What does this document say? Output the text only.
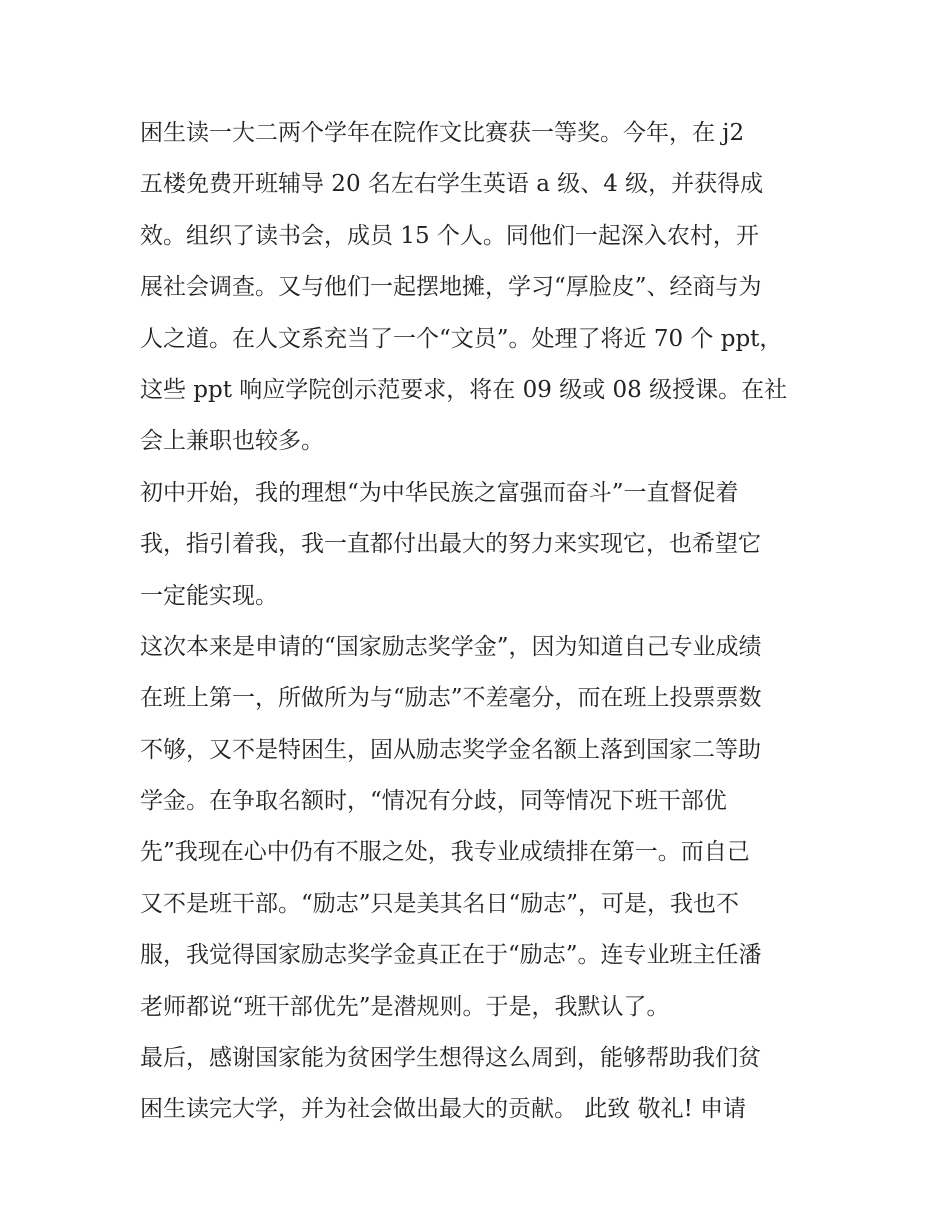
困生读一大二两个学年在院作文比赛获一等奖。今年，在 j2
五楼免费开班辅导 20 名左右学生英语 a 级、4 级，并获得成
效。组织了读书会，成员 15 个人。同他们一起深入农村，开
展社会调查。又与他们一起摆地摊，学习“厚脸皮”、经商与为
人之道。在人文系充当了一个“文员”。处理了将近 70 个 ppt，
这些 ppt 响应学院创示范要求，将在 09 级或 08 级授课。在社
会上兼职也较多。
初中开始，我的理想“为中华民族之富强而奋斗”一直督促着
我，指引着我，我一直都付出最大的努力来实现它，也希望它
一定能实现。
这次本来是申请的“国家励志奖学金”，因为知道自己专业成绩
在班上第一，所做所为与“励志”不差毫分，而在班上投票票数
不够，又不是特困生，固从励志奖学金名额上落到国家二等助
学金。在争取名额时，“情况有分歧，同等情况下班干部优
先”我现在心中仍有不服之处，我专业成绩排在第一。而自己
又不是班干部。“励志”只是美其名日“励志”，可是，我也不
服，我觉得国家励志奖学金真正在于“励志”。连专业班主任潘
老师都说“班干部优先”是潜规则。于是，我默认了。
最后，感谢国家能为贫困学生想得这么周到，能够帮助我们贫
困生读完大学，并为社会做出最大的贡献。 此致 敬礼! 申请
